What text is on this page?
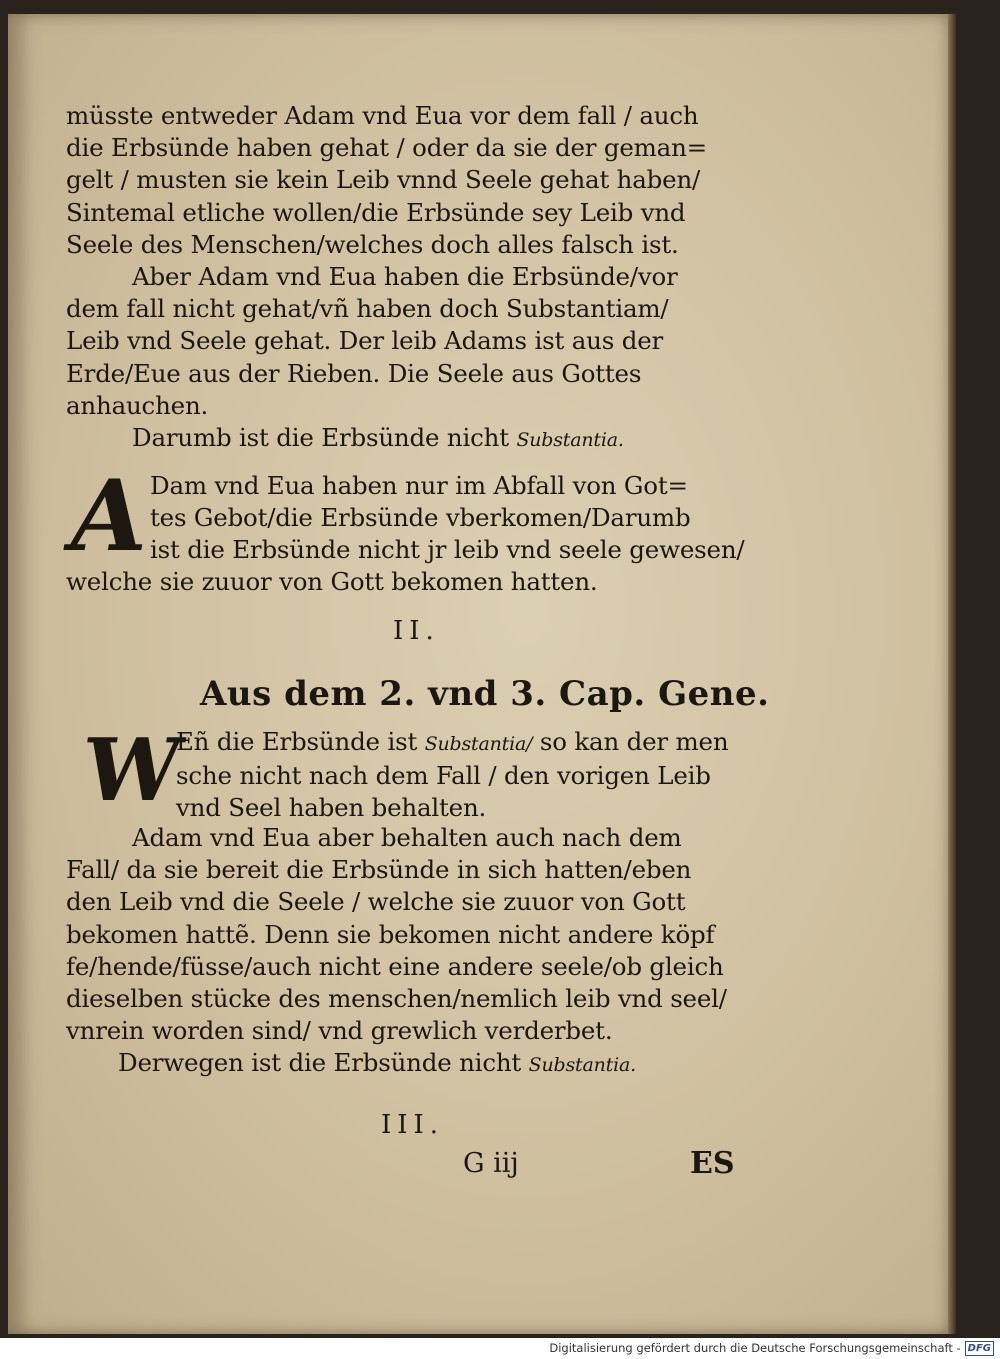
müsste entweder Adam vnd Eua vor dem fall / auch
die Erbsünde haben gehat / oder da sie der geman=
gelt / musten sie kein Leib vnnd Seele gehat haben/
Sintemal etliche wollen/die Erbsünde sey Leib vnd
Seele des Menschen/welches doch alles falsch ist.
Aber Adam vnd Eua haben die Erbsünde/vor
dem fall nicht gehat/vñ haben doch Substantiam/
Leib vnd Seele gehat. Der leib Adams ist aus der
Erde/Eue aus der Rieben. Die Seele aus Gottes
anhauchen.
Darumb ist die Erbsünde nicht Substantia.
A
Dam vnd Eua haben nur im Abfall von Got=
tes Gebot/die Erbsünde vberkomen/Darumb
ist die Erbsünde nicht jr leib vnd seele gewesen/
welche sie zuuor von Gott bekomen hatten.
II.
Aus dem 2. vnd 3. Cap. Gene.
W
Eñ die Erbsünde ist Substantia/ so kan der men
sche nicht nach dem Fall / den vorigen Leib
vnd Seel haben behalten.
Adam vnd Eua aber behalten auch nach dem
Fall/ da sie bereit die Erbsünde in sich hatten/eben
den Leib vnd die Seele / welche sie zuuor von Gott
bekomen hattẽ. Denn sie bekomen nicht andere köpf
fe/hende/füsse/auch nicht eine andere seele/ob gleich
dieselben stücke des menschen/nemlich leib vnd seel/
vnrein worden sind/ vnd grewlich verderbet.
Derwegen ist die Erbsünde nicht Substantia.
III.
G iij	ES
Digitalisierung gefördert durch die Deutsche Forschungsgemeinschaft - DFG
